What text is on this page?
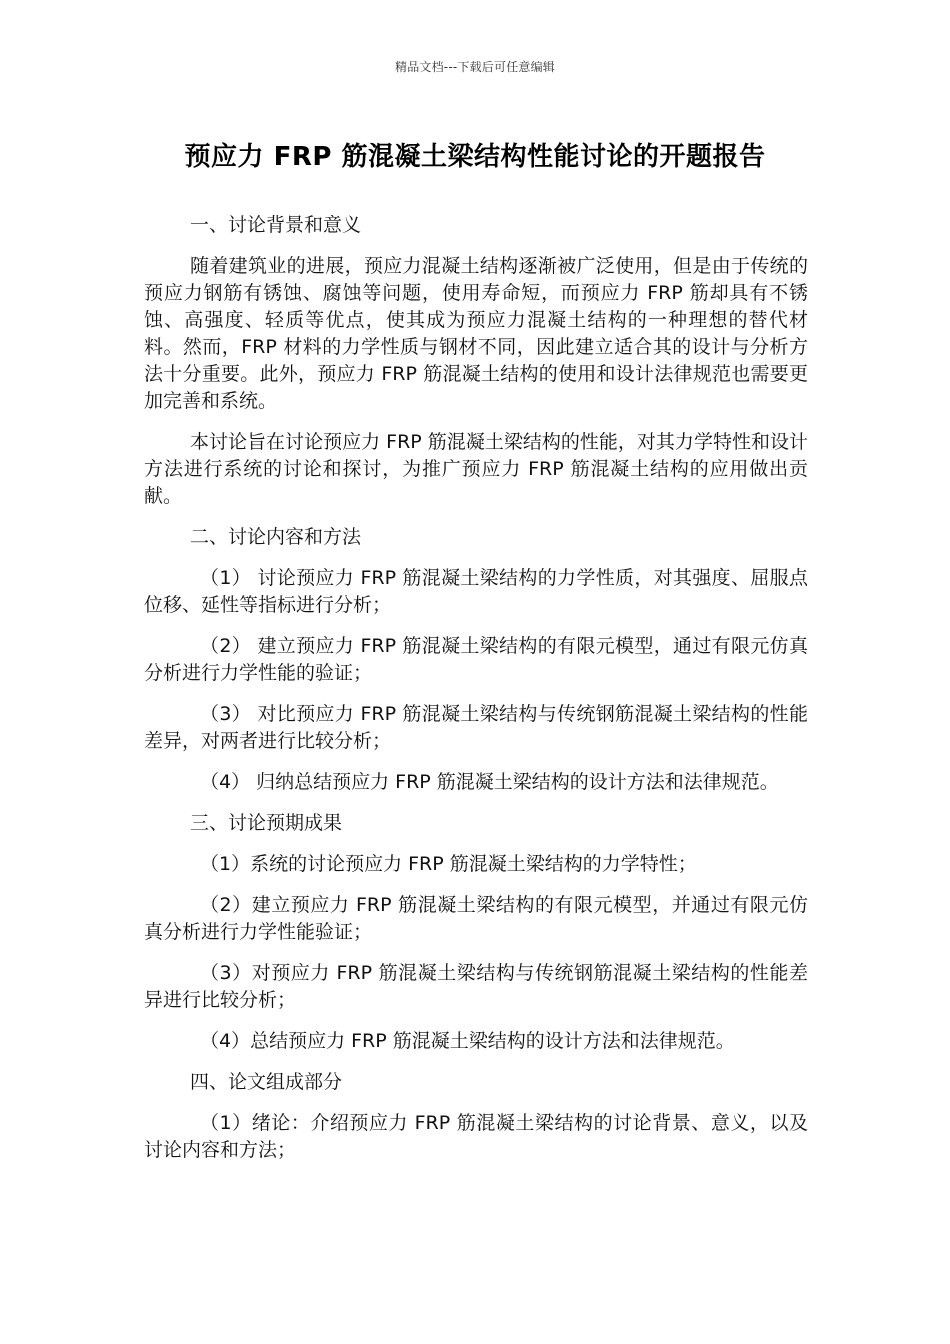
精品文档---下载后可任意编辑
预应力 FRP 筋混凝土梁结构性能讨论的开题报告

一、讨论背景和意义

随着建筑业的进展，预应力混凝土结构逐渐被广泛使用，但是由于传统的预应力钢筋有锈蚀、腐蚀等问题，使用寿命短，而预应力 FRP 筋却具有不锈蚀、高强度、轻质等优点，使其成为预应力混凝土结构的一种理想的替代材料。然而，FRP 材料的力学性质与钢材不同，因此建立适合其的设计与分析方法十分重要。此外，预应力 FRP 筋混凝土结构的使用和设计法律规范也需要更加完善和系统。

本讨论旨在讨论预应力 FRP 筋混凝土梁结构的性能，对其力学特性和设计方法进行系统的讨论和探讨，为推广预应力 FRP 筋混凝土结构的应用做出贡献。

二、讨论内容和方法

（1） 讨论预应力 FRP 筋混凝土梁结构的力学性质，对其强度、屈服点位移、延性等指标进行分析；

（2） 建立预应力 FRP 筋混凝土梁结构的有限元模型，通过有限元仿真分析进行力学性能的验证；

（3） 对比预应力 FRP 筋混凝土梁结构与传统钢筋混凝土梁结构的性能差异，对两者进行比较分析；

（4） 归纳总结预应力 FRP 筋混凝土梁结构的设计方法和法律规范。

三、讨论预期成果

（1）系统的讨论预应力 FRP 筋混凝土梁结构的力学特性；

（2）建立预应力 FRP 筋混凝土梁结构的有限元模型，并通过有限元仿真分析进行力学性能验证；

（3）对预应力 FRP 筋混凝土梁结构与传统钢筋混凝土梁结构的性能差异进行比较分析；

（4）总结预应力 FRP 筋混凝土梁结构的设计方法和法律规范。

四、论文组成部分

（1）绪论：介绍预应力 FRP 筋混凝土梁结构的讨论背景、意义，以及讨论内容和方法；
